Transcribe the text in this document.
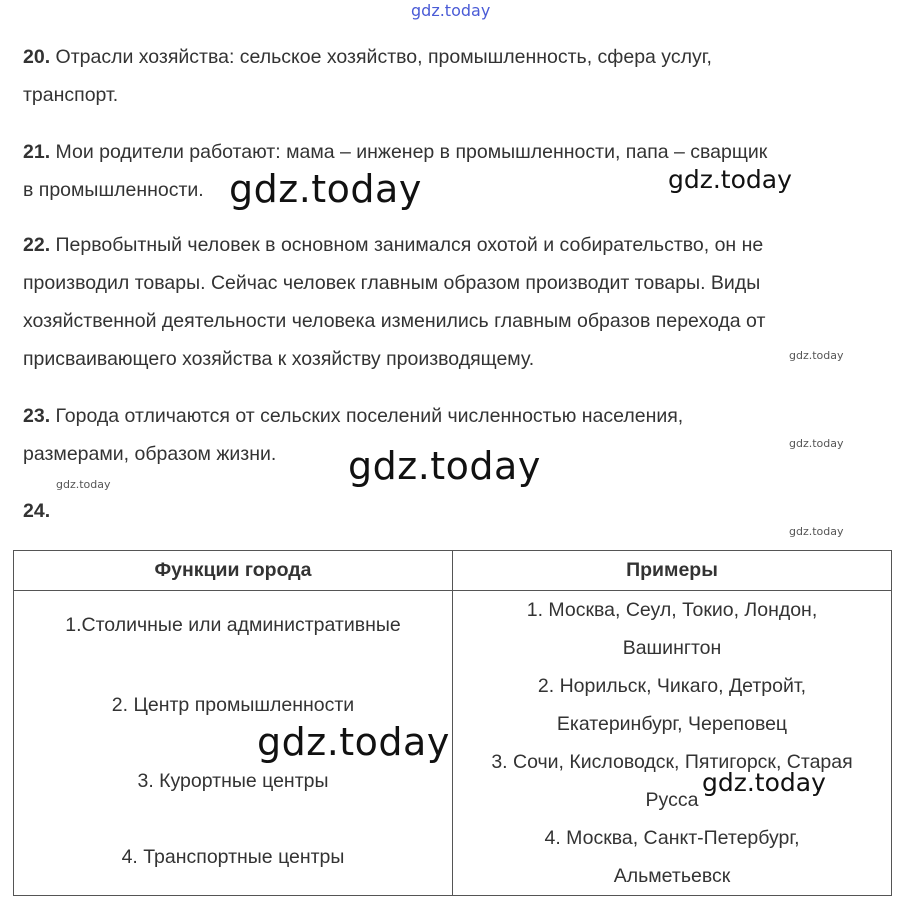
gdz.today
20. Отрасли хозяйства: сельское хозяйство, промышленность, сфера услуг,
транспорт.
21. Мои родители работают: мама – инженер в промышленности, папа – сварщик
в промышленности.
22. Первобытный человек в основном занимался охотой и собирательство, он не
производил товары. Сейчас человек главным образом производит товары. Виды
хозяйственной деятельности человека изменились главным образов перехода от
присваивающего хозяйства к хозяйству производящему.
23. Города отличаются от сельских поселений численностью населения,
размерами, образом жизни.
24.
Функции города	Примеры

1.Столичные или административные	1. Москва, Сеул, Токио, Лондон,
Вашингтон

2. Центр промышленности	2. Норильск, Чикаго, Детройт,
Екатеринбург, Череповец

3. Курортные центры	3. Сочи, Кисловодск, Пятигорск, Старая
Русса

4. Транспортные центры	4. Москва, Санкт-Петербург,
Альметьевск
gdz.today	gdz.today
gdz.today
gdz.today
gdz.today
gdz.today
gdz.today
gdz.today
gdz.today
